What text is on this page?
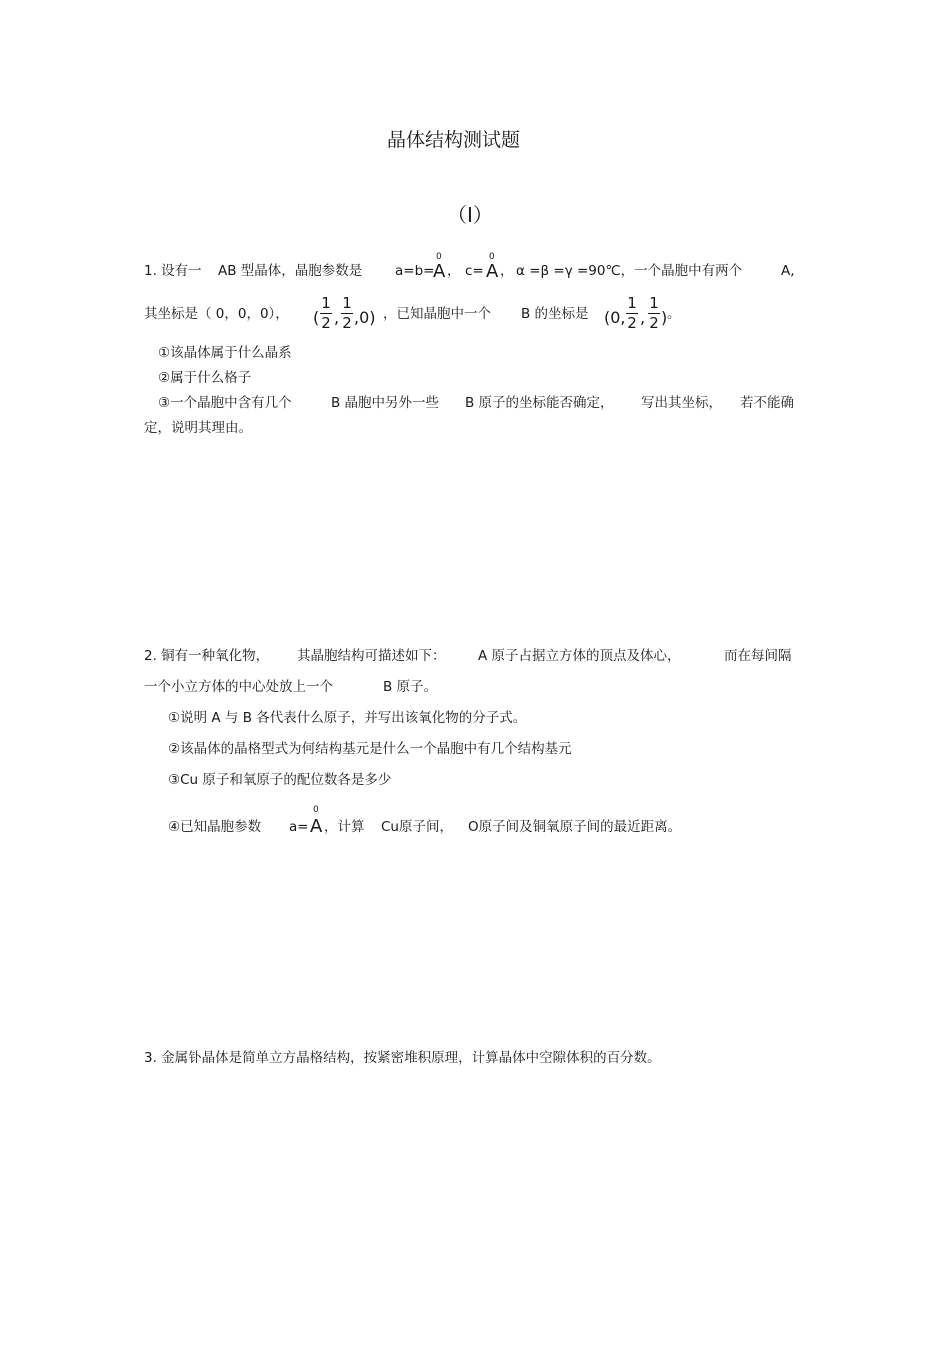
晶体结构测试题
（Ⅰ）
1. 设有一 AB 型晶体，晶胞参数是 a=b=
0
A ， c=
0
A ， α =β =γ =90℃，一个晶胞中有两个	A,
其坐标是（ 0，0，0）， (
1
2 ,
1
2 ,0) ，已知晶胞中一个 B 的坐标是 (0,
1
2 ,
1
2 ) 。
①该晶体属于什么晶系
②属于什么格子
③一个晶胞中含有几个	B 晶胞中另外一些 B 原子的坐标能否确定， 写出其坐标， 若不能确
定，说明其理由。
2. 铜有一种氧化物， 其晶胞结构可描述如下： A 原子占据立方体的顶点及体心，	而在每间隔
一个小立方体的中心处放上一个	B 原子。
①说明 A 与 B 各代表什么原子，并写出该氧化物的分子式。
②该晶体的晶格型式为何结构基元是什么一个晶胞中有几个结构基元
③Cu 原子和氧原子的配位数各是多少
④已知晶胞参数 a=
0
A ，计算 Cu原子间， O原子间及铜氧原子间的最近距离。
3. 金属钋晶体是简单立方晶格结构，按紧密堆积原理，计算晶体中空隙体积的百分数。
